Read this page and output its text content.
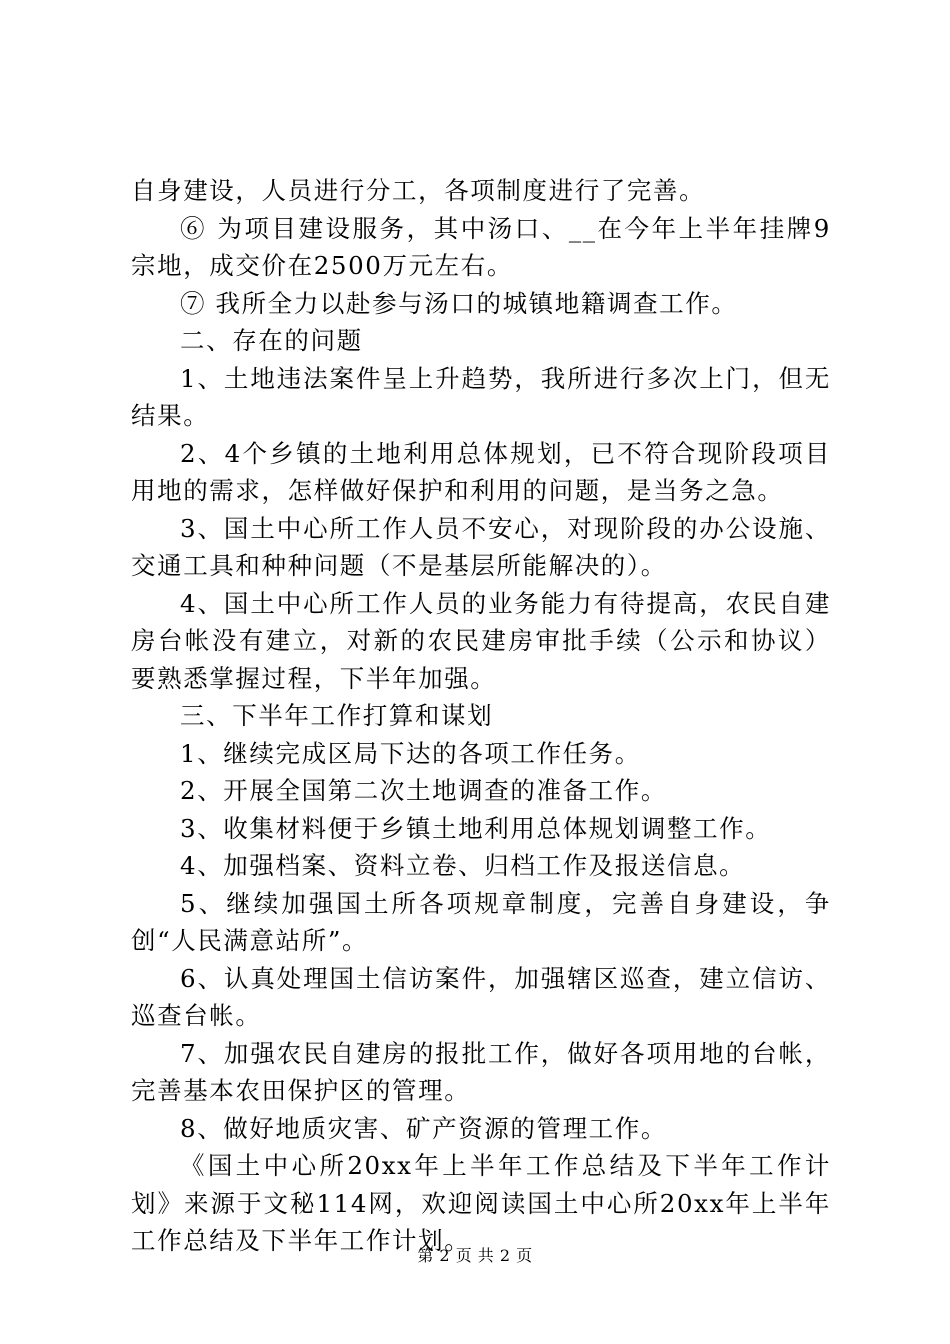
自身建设，人员进行分工，各项制度进行了完善。

⑥ 为项目建设服务，其中汤口、__在今年上半年挂牌9宗地，成交价在2500万元左右。

⑦ 我所全力以赴参与汤口的城镇地籍调查工作。

二、存在的问题

1、土地违法案件呈上升趋势，我所进行多次上门，但无结果。

2、4个乡镇的土地利用总体规划，已不符合现阶段项目用地的需求，怎样做好保护和利用的问题，是当务之急。

3、国土中心所工作人员不安心，对现阶段的办公设施、交通工具和种种问题（不是基层所能解决的）。

4、国土中心所工作人员的业务能力有待提高，农民自建房台帐没有建立，对新的农民建房审批手续（公示和协议）要熟悉掌握过程，下半年加强。

三、下半年工作打算和谋划

1、继续完成区局下达的各项工作任务。

2、开展全国第二次土地调查的准备工作。

3、收集材料便于乡镇土地利用总体规划调整工作。

4、加强档案、资料立卷、归档工作及报送信息。

5、继续加强国土所各项规章制度，完善自身建设，争创“人民满意站所”。

6、认真处理国土信访案件，加强辖区巡查，建立信访、巡查台帐。

7、加强农民自建房的报批工作，做好各项用地的台帐，完善基本农田保护区的管理。

8、做好地质灾害、矿产资源的管理工作。

《国土中心所20xx年上半年工作总结及下半年工作计划》来源于文秘114网，欢迎阅读国土中心所20xx年上半年工作总结及下半年工作计划。

第 2 页 共 2 页
